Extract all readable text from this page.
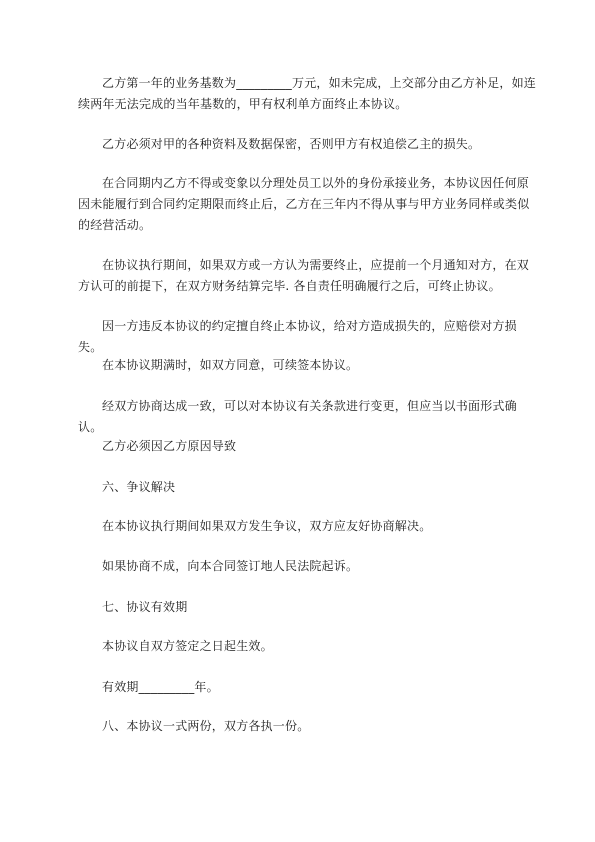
乙方第一年的业务基数为_________万元，如未完成，上交部分由乙方补足，如连续两年无法完成的当年基数的，甲有权利单方面终止本协议。

乙方必须对甲的各种资料及数据保密，否则甲方有权追偿乙主的损失。

在合同期内乙方不得或变象以分理处员工以外的身份承接业务，本协议因任何原因未能履行到合同约定期限而终止后，乙方在三年内不得从事与甲方业务同样或类似的经营活动。

在协议执行期间，如果双方或一方认为需要终止，应提前一个月通知对方，在双方认可的前提下，在双方财务结算完毕. 各自责任明确履行之后，可终止协议。

因一方违反本协议的约定擅自终止本协议，给对方造成损失的，应赔偿对方损失。

在本协议期满时，如双方同意，可续签本协议。

经双方协商达成一致，可以对本协议有关条款进行变更，但应当以书面形式确认。

乙方必须因乙方原因导致

六、争议解决

在本协议执行期间如果双方发生争议，双方应友好协商解决。

如果协商不成，向本合同签订地人民法院起诉。

七、协议有效期

本协议自双方签定之日起生效。

有效期_________年。

八、本协议一式两份，双方各执一份。
